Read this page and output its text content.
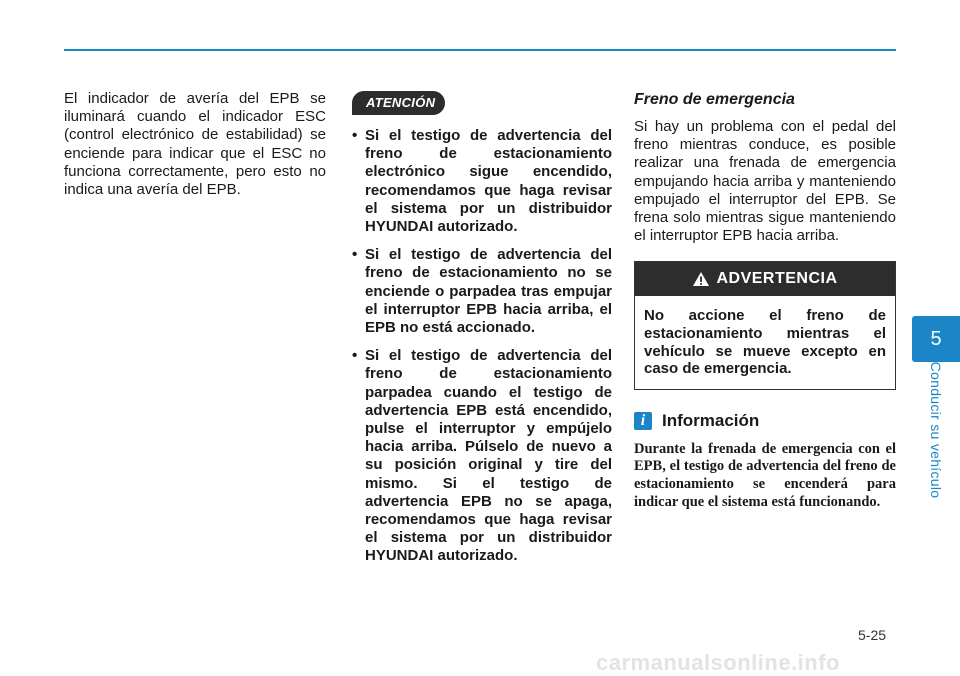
El indicador de avería del EPB se iluminará cuando el indicador ESC (control electrónico de estabilidad) se enciende para indicar que el ESC no funciona correctamente, pero esto no indica una avería del EPB.

ATENCIÓN
• Si el testigo de advertencia del freno de estacionamiento electrónico sigue encendido, recomendamos que haga revisar el sistema por un distribuidor HYUNDAI autorizado.
• Si el testigo de advertencia del freno de estacionamiento no se enciende o parpadea tras empujar el interruptor EPB hacia arriba, el EPB no está accionado.
• Si el testigo de advertencia del freno de estacionamiento parpadea cuando el testigo de advertencia EPB está encendido, pulse el interruptor y empújelo hacia arriba. Púlselo de nuevo a su posición original y tire del mismo. Si el testigo de advertencia EPB no se apaga, recomendamos que haga revisar el sistema por un distribuidor HYUNDAI autorizado.
Freno de emergencia

Si hay un problema con el pedal del freno mientras conduce, es posible realizar una frenada de emergencia empujando hacia arriba y manteniendo empujado el interruptor del EPB. Se frena solo mientras sigue manteniendo el interruptor EPB hacia arriba.

ADVERTENCIA
No accione el freno de estacionamiento mientras el vehículo se mueve excepto en caso de emergencia.
i Información

Durante la frenada de emergencia con el EPB, el testigo de advertencia del freno de estacionamiento se encenderá para indicar que el sistema está funcionando.

5
Conducir su vehículo
5-25
carmanualsonline.info
